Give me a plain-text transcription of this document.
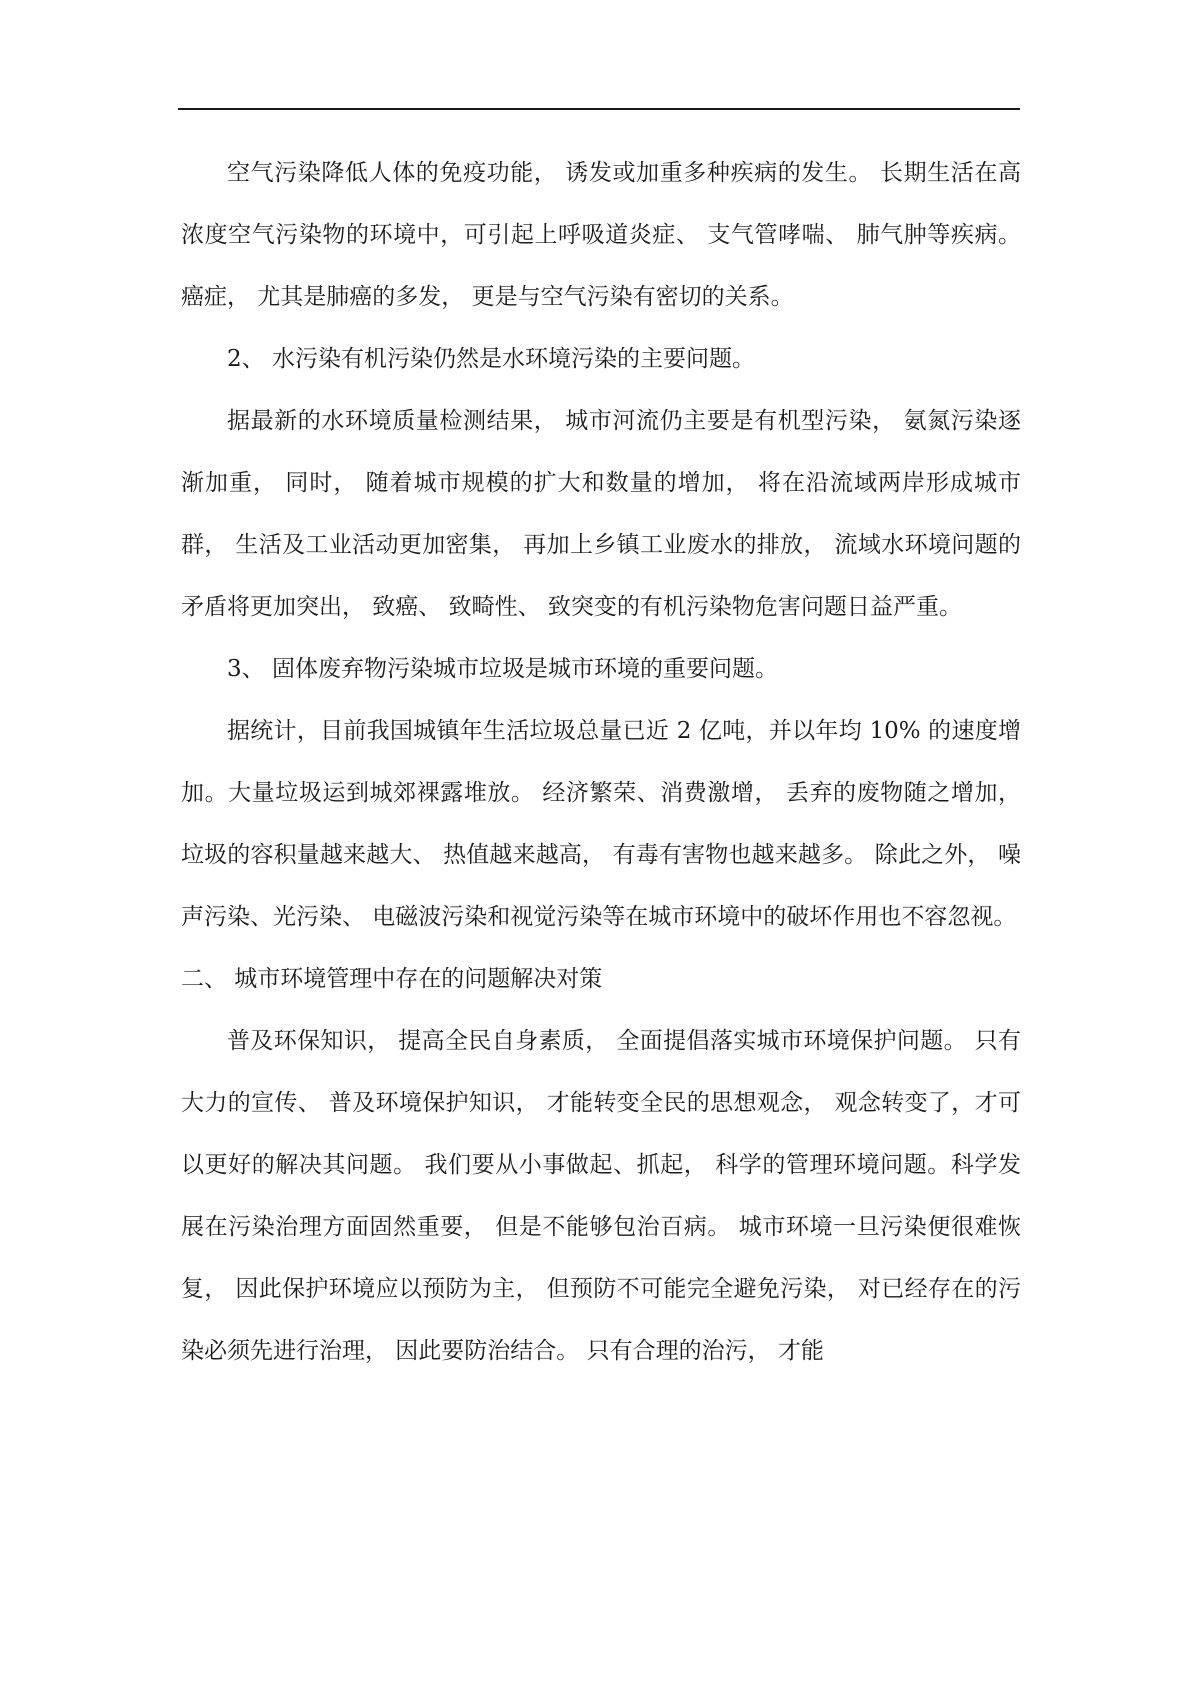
空气污染降低人体的免疫功能， 诱发或加重多种疾病的发生。 长期生活在高浓度空气污染物的环境中，可引起上呼吸道炎症、 支气管哮喘、 肺气肿等疾病。 癌症， 尤其是肺癌的多发， 更是与空气污染有密切的关系。

2、 水污染有机污染仍然是水环境污染的主要问题。

据最新的水环境质量检测结果， 城市河流仍主要是有机型污染， 氨氮污染逐渐加重， 同时， 随着城市规模的扩大和数量的增加， 将在沿流域两岸形成城市群， 生活及工业活动更加密集， 再加上乡镇工业废水的排放， 流域水环境问题的矛盾将更加突出， 致癌、 致畸性、 致突变的有机污染物危害问题日益严重。

3、 固体废弃物污染城市垃圾是城市环境的重要问题。

据统计，目前我国城镇年生活垃圾总量已近 2 亿吨，并以年均 10% 的速度增加。大量垃圾运到城郊裸露堆放。 经济繁荣、消费激增， 丢弃的废物随之增加， 垃圾的容积量越来越大、 热值越来越高， 有毒有害物也越来越多。 除此之外， 噪声污染、光污染、 电磁波污染和视觉污染等在城市环境中的破坏作用也不容忽视。

二、 城市环境管理中存在的问题解决对策

普及环保知识， 提高全民自身素质， 全面提倡落实城市环境保护问题。 只有大力的宣传、 普及环境保护知识， 才能转变全民的思想观念， 观念转变了，才可以更好的解决其问题。 我们要从小事做起、抓起， 科学的管理环境问题。科学发展在污染治理方面固然重要， 但是不能够包治百病。 城市环境一旦污染便很难恢复， 因此保护环境应以预防为主， 但预防不可能完全避免污染， 对已经存在的污染必须先进行治理， 因此要防治结合。 只有合理的治污， 才能
